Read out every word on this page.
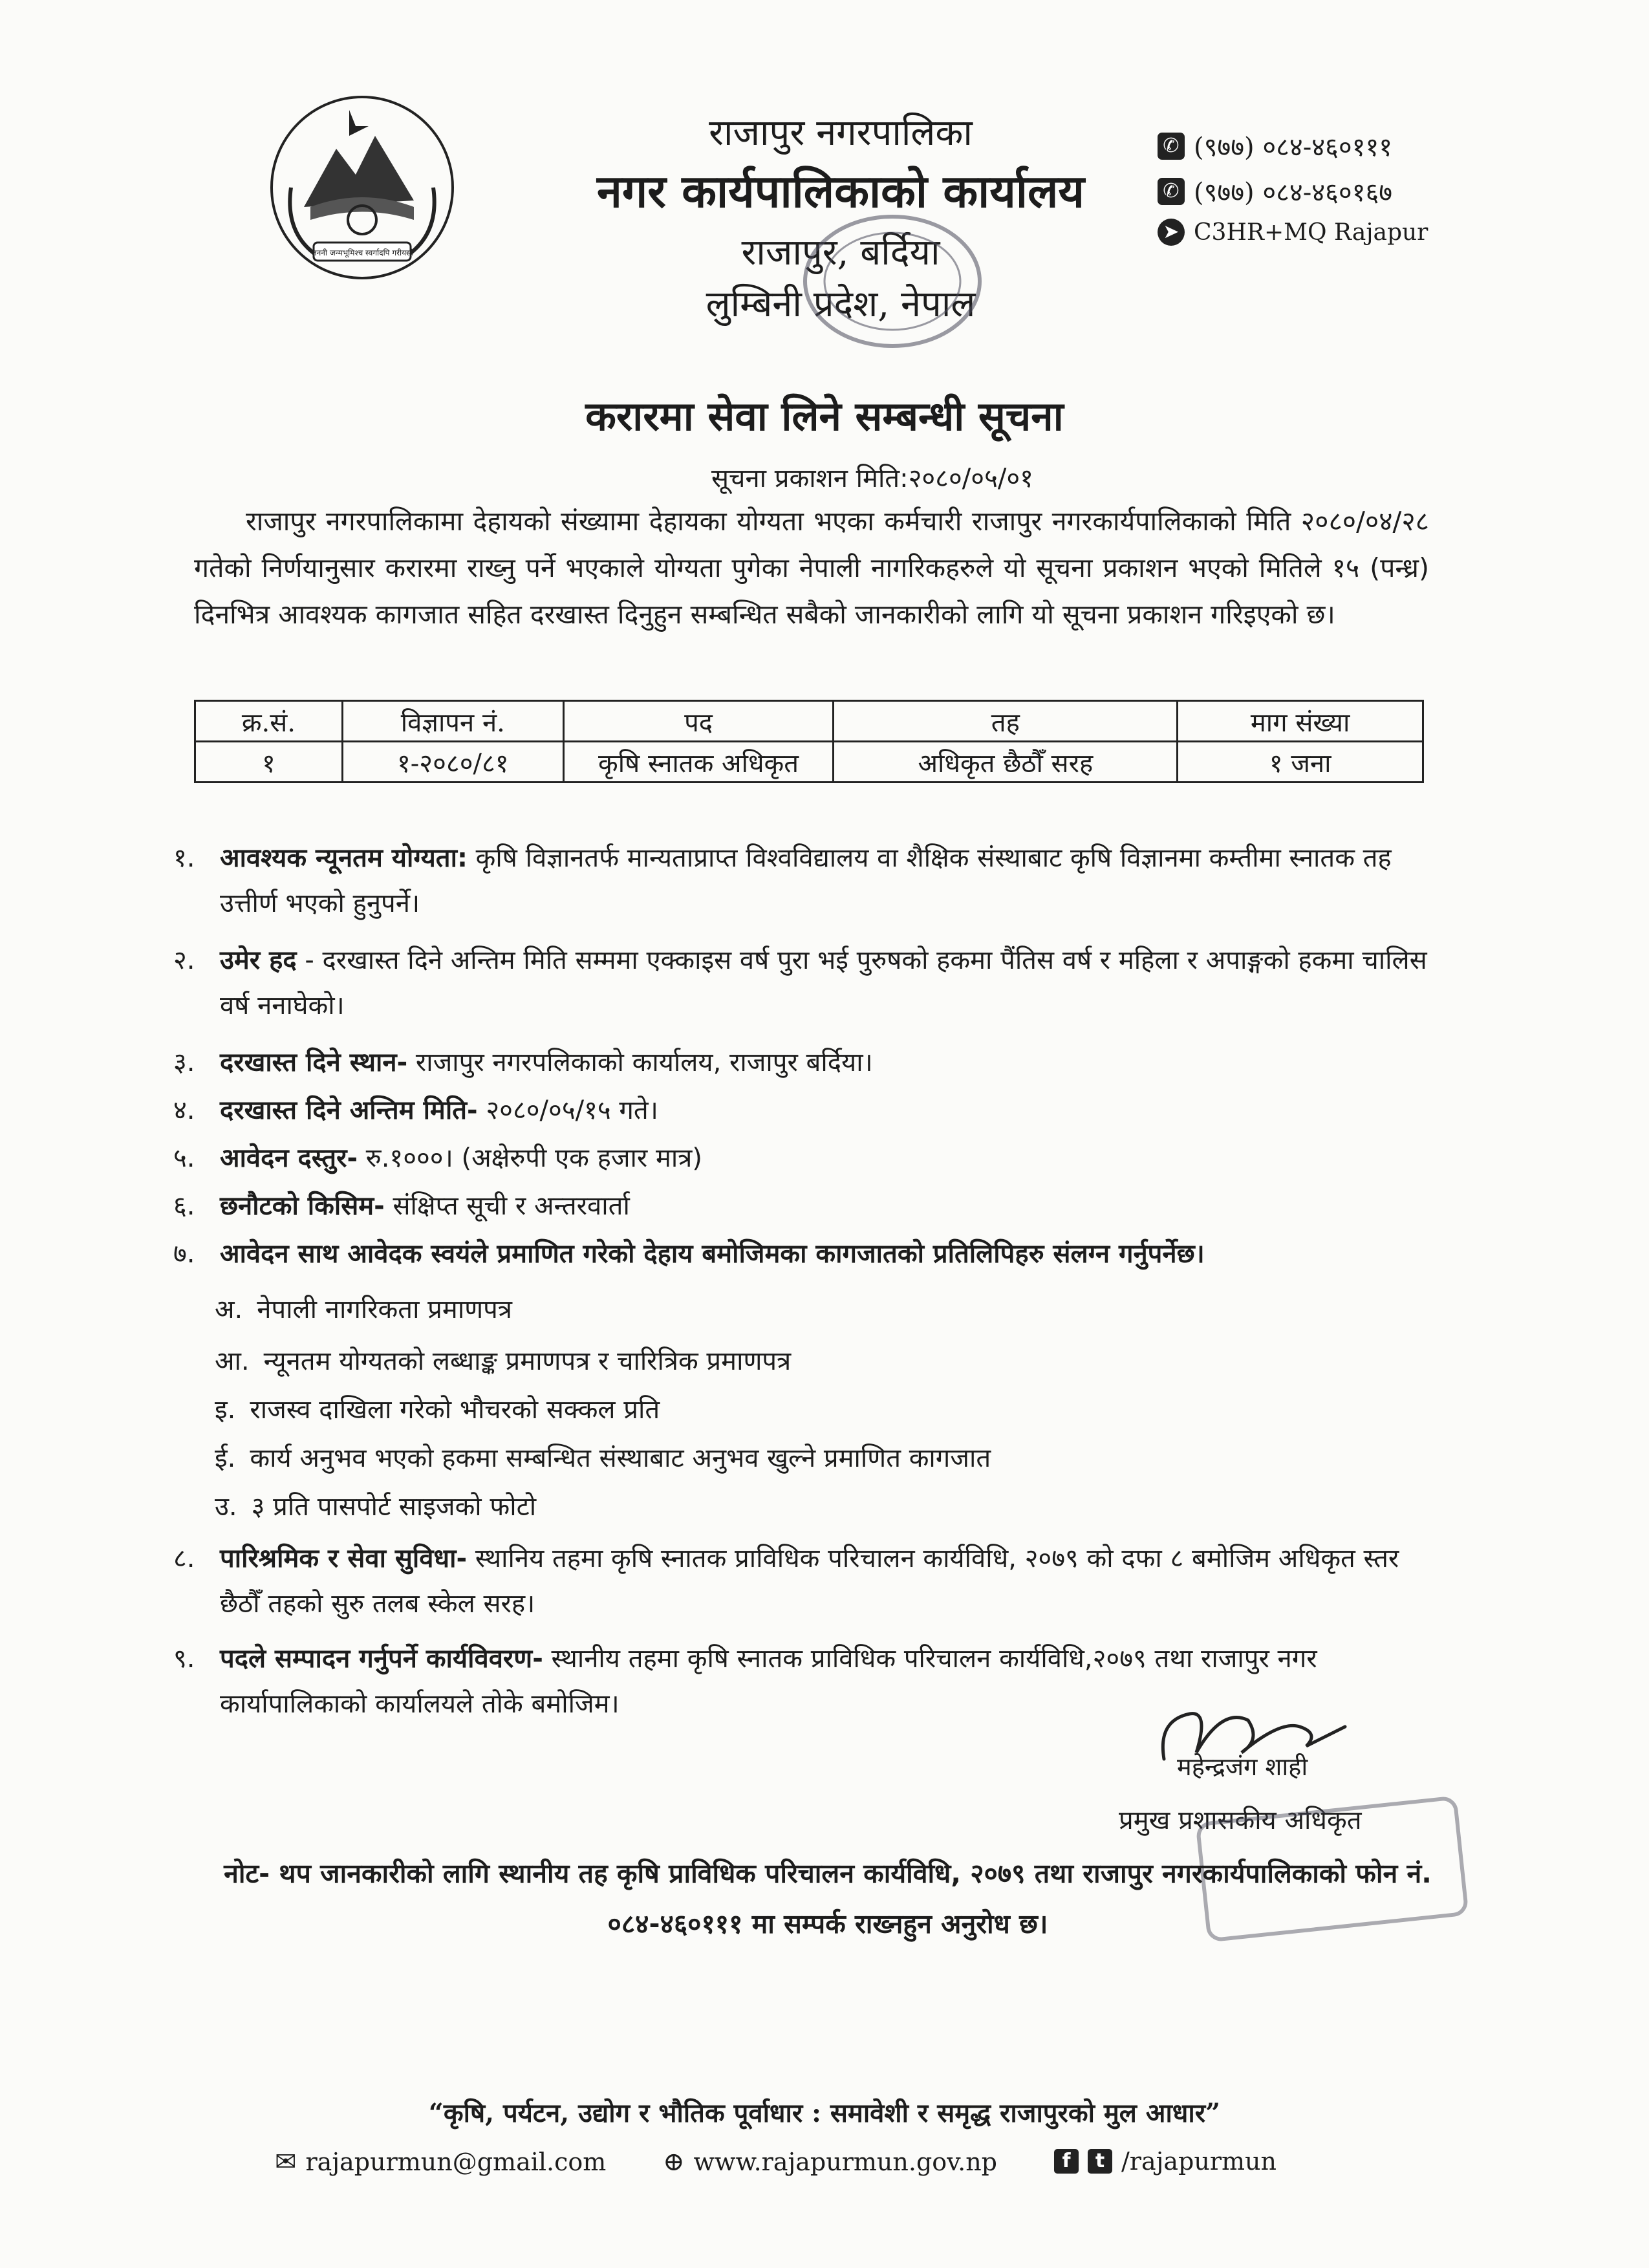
जननी जन्मभूमिश्च स्वर्गादपि गरीयसी
राजापुर नगरपालिका
नगर कार्यपालिकाको कार्यालय
राजापुर, बर्दिया
लुम्बिनी प्रदेश, नेपाल
✆ (९७७) ०८४-४६०१११
✆ (९७७) ०८४-४६०१६७
➤ C3HR+MQ Rajapur
करारमा सेवा लिने सम्बन्धी सूचना
सूचना प्रकाशन मिति:२०८०/०५/०१
राजापुर नगरपालिकामा देहायको संख्यामा देहायका योग्यता भएका कर्मचारी राजापुर नगरकार्यपालिकाको मिति २०८०/०४/२८ गतेको निर्णयानुसार करारमा राख्नु पर्ने भएकाले योग्यता पुगेका नेपाली नागरिकहरुले यो सूचना प्रकाशन भएको मितिले १५ (पन्ध्र) दिनभित्र आवश्यक कागजात सहित दरखास्त दिनुहुन सम्बन्धित सबैको जानकारीको लागि यो सूचना प्रकाशन गरिइएको छ।
क्र.सं.	विज्ञापन नं.	पद	तह	माग संख्या
१	१-२०८०/८१	कृषि स्नातक अधिकृत	अधिकृत छैठौँ सरह	१ जना
१. आवश्यक न्यूनतम योग्यता: कृषि विज्ञानतर्फ मान्यताप्राप्त विश्वविद्यालय वा शैक्षिक संस्थाबाट कृषि विज्ञानमा कम्तीमा स्नातक तह उत्तीर्ण भएको हुनुपर्ने।
२. उमेर हद - दरखास्त दिने अन्तिम मिति सम्ममा एक्काइस वर्ष पुरा भई पुरुषको हकमा पैंतिस वर्ष र महिला र अपाङ्गको हकमा चालिस वर्ष ननाघेको।
३. दरखास्त दिने स्थान- राजापुर नगरपलिकाको कार्यालय, राजापुर बर्दिया।
४. दरखास्त दिने अन्तिम मिति- २०८०/०५/१५ गते।
५. आवेदन दस्तुर- रु.१०००। (अक्षेरुपी एक हजार मात्र)
६. छनौटको किसिम- संक्षिप्त सूची र अन्तरवार्ता
७. आवेदन साथ आवेदक स्वयंले प्रमाणित गरेको देहाय बमोजिमका कागजातको प्रतिलिपिहरु संलग्न गर्नुपर्नेछ।
अ. नेपाली नागरिकता प्रमाणपत्र
आ. न्यूनतम योग्यतको लब्धाङ्क प्रमाणपत्र र चारित्रिक प्रमाणपत्र
इ. राजस्व दाखिला गरेको भौचरको सक्कल प्रति
ई. कार्य अनुभव भएको हकमा सम्बन्धित संस्थाबाट अनुभव खुल्ने प्रमाणित कागजात
उ. ३ प्रति पासपोर्ट साइजको फोटो
८. पारिश्रमिक र सेवा सुविधा- स्थानिय तहमा कृषि स्नातक प्राविधिक परिचालन कार्यविधि, २०७९ को दफा ८ बमोजिम अधिकृत स्तर छैठौँ तहको सुरु तलब स्केल सरह।
९. पदले सम्पादन गर्नुपर्ने कार्यविवरण- स्थानीय तहमा कृषि स्नातक प्राविधिक परिचालन कार्यविधि,२०७९ तथा राजापुर नगर कार्यापालिकाको कार्यालयले तोके बमोजिम।
महेन्द्रजंग शाही
प्रमुख प्रशासकीय अधिकृत
नोट- थप जानकारीको लागि स्थानीय तह कृषि प्राविधिक परिचालन कार्यविधि, २०७९ तथा राजापुर नगरकार्यपालिकाको फोन नं. ०८४-४६०१११ मा सम्पर्क राख्नहुन अनुरोध छ।
“कृषि, पर्यटन, उद्योग र भौतिक पूर्वाधार : समावेशी र समृद्ध राजापुरको मुल आधार”
✉ rajapurmun@gmail.com ⊕ www.rajapurmun.gov.np	f	t /rajapurmun
